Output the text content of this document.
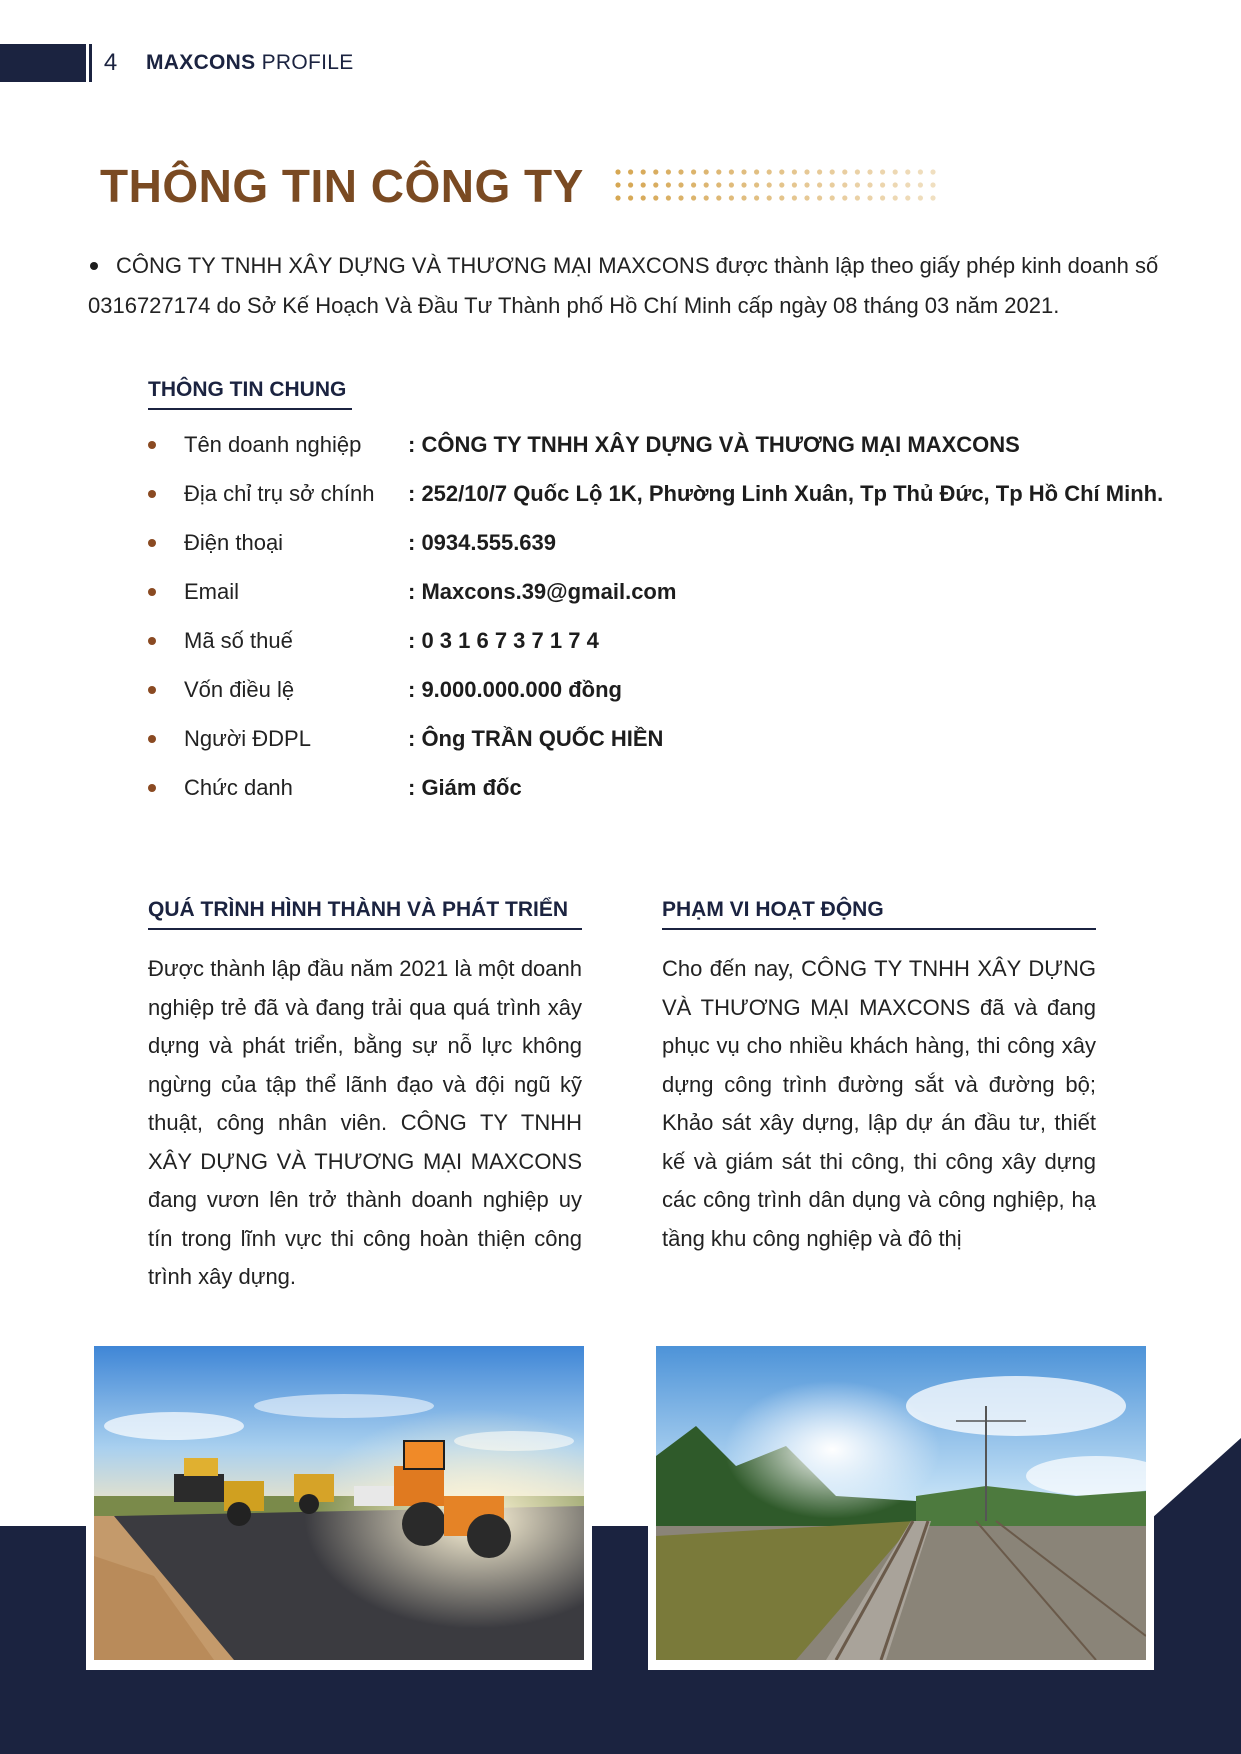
4	MAXCONS PROFILE
THÔNG TIN CÔNG TY
CÔNG TY TNHH XÂY DỰNG VÀ THƯƠNG MẠI MAXCONS được thành lập theo giấy phép kinh doanh số 0316727174 do Sở Kế Hoạch Và Đầu Tư Thành phố Hồ Chí Minh cấp ngày 08 tháng 03 năm 2021.
THÔNG TIN CHUNG
Tên doanh nghiệp	: CÔNG TY TNHH XÂY DỰNG VÀ THƯƠNG MẠI MAXCONS
Địa chỉ trụ sở chính	: 252/10/7 Quốc Lộ 1K, Phường Linh Xuân, Tp Thủ Đức, Tp Hồ Chí Minh.
Điện thoại	: 0934.555.639
Email	: Maxcons.39@gmail.com
Mã số thuế	: 0 3 1 6 7 3 7 1 7 4
Vốn điều lệ	: 9.000.000.000 đồng
Người ĐDPL	: Ông TRẦN QUỐC HIỀN
Chức danh	: Giám đốc
QUÁ TRÌNH HÌNH THÀNH VÀ PHÁT TRIỂN
Được thành lập đầu năm 2021 là một doanh nghiệp trẻ đã và đang trải qua quá trình xây dựng và phát triển, bằng sự nỗ lực không ngừng của tập thể lãnh đạo và đội ngũ kỹ thuật, công nhân viên. CÔNG TY TNHH XÂY DỰNG VÀ THƯƠNG MẠI MAXCONS đang vươn lên trở thành doanh nghiệp uy tín trong lĩnh vực thi công hoàn thiện công trình xây dựng.
PHẠM VI HOẠT ĐỘNG
Cho đến nay, CÔNG TY TNHH XÂY DỰNG VÀ THƯƠNG MẠI MAXCONS đã và đang phục vụ cho nhiều khách hàng, thi công xây dựng công trình đường sắt và đường bộ; Khảo sát xây dựng, lập dự án đầu tư, thiết kế và giám sát thi công, thi công xây dựng các công trình dân dụng và công nghiệp, hạ tầng khu công nghiệp và đô thị
